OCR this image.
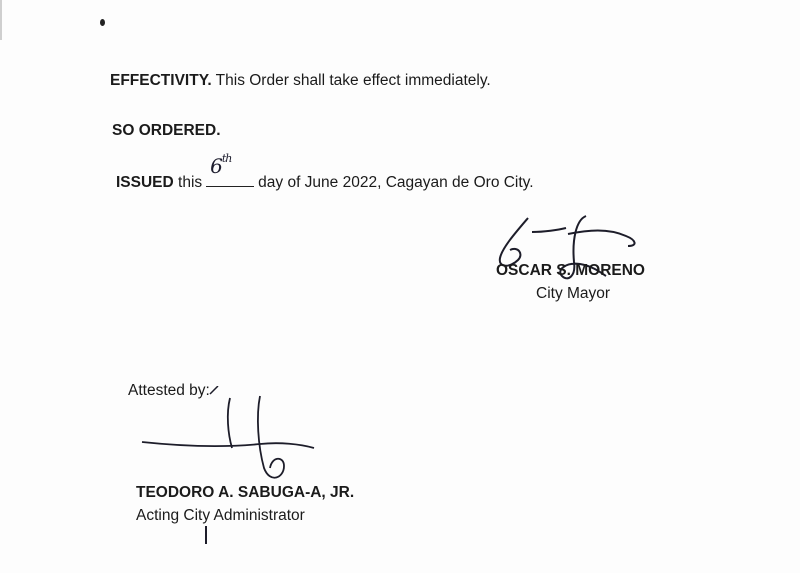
EFFECTIVITY. This Order shall take effect immediately.
SO ORDERED.
ISSUED this
6th
day of June 2022, Cagayan de Oro City.
OSCAR S. MORENO
City Mayor
Attested by:
TEODORO A. SABUGA-A, JR.
Acting City Administrator
